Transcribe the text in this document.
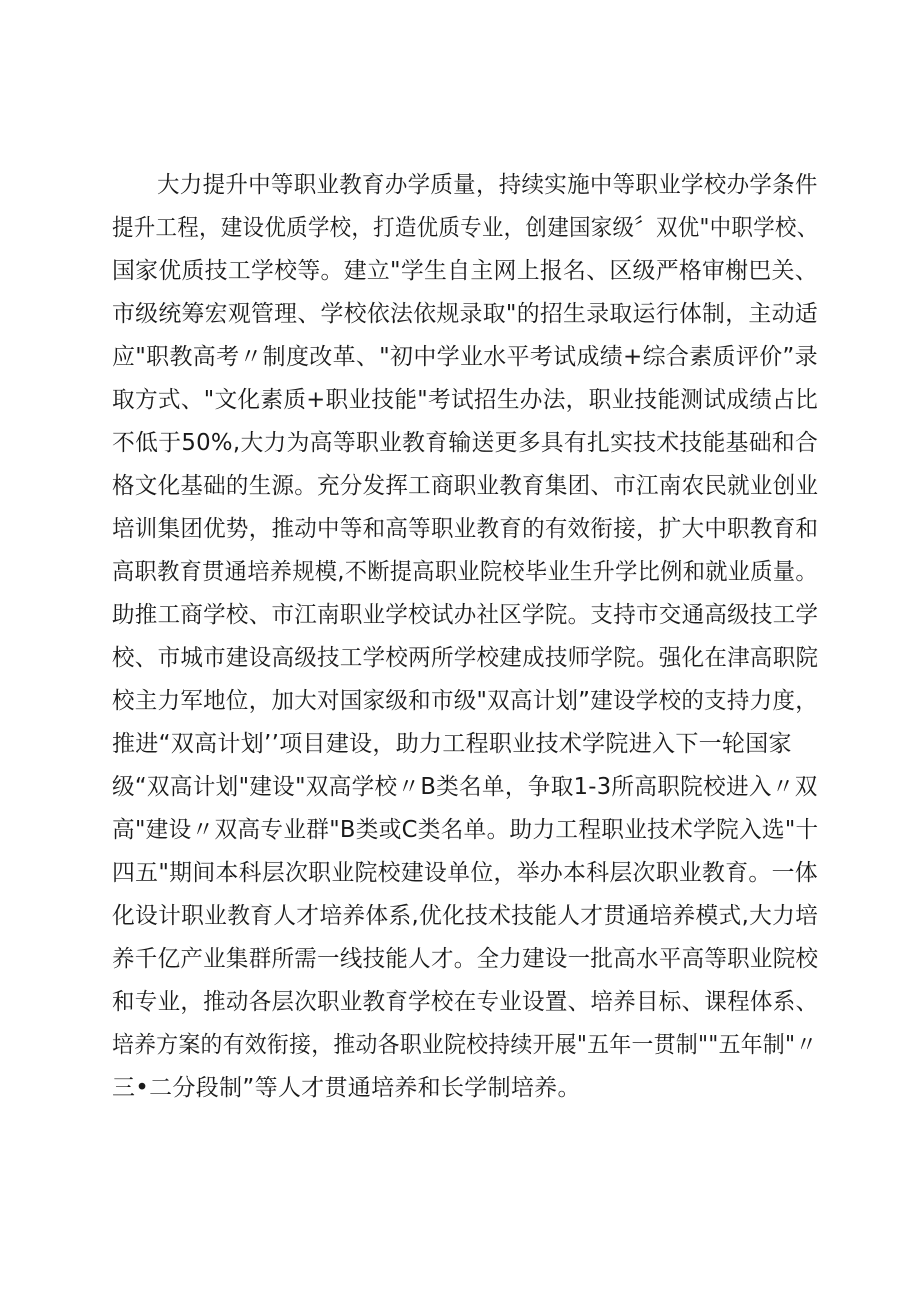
大力提升中等职业教育办学质量，持续实施中等职业学校办学条件
提升工程，建设优质学校，打造优质专业，创建国家级〞双优"中职学校、
国家优质技工学校等。建立"学生自主网上报名、区级严格审榭巴关、
市级统筹宏观管理、学校依法依规录取"的招生录取运行体制，主动适
应"职教高考〃制度改革、"初中学业水平考试成绩+综合素质评价”录
取方式、"文化素质+职业技能"考试招生办法，职业技能测试成绩占比
不低于50%,大力为高等职业教育输送更多具有扎实技术技能基础和合
格文化基础的生源。充分发挥工商职业教育集团、市江南农民就业创业
培训集团优势，推动中等和高等职业教育的有效衔接，扩大中职教育和
高职教育贯通培养规模,不断提高职业院校毕业生升学比例和就业质量。
助推工商学校、市江南职业学校试办社区学院。支持市交通高级技工学
校、市城市建设高级技工学校两所学校建成技师学院。强化在津高职院
校主力军地位，加大对国家级和市级"双高计划”建设学校的支持力度，
推进“双高计划’’项目建设，助力工程职业技术学院进入下一轮国家
级“双高计划"建设"双高学校〃B类名单，争取1-3所高职院校进入〃双
高"建设〃双高专业群"B类或C类名单。助力工程职业技术学院入选"十
四五"期间本科层次职业院校建设单位，举办本科层次职业教育。一体
化设计职业教育人才培养体系,优化技术技能人才贯通培养模式,大力培
养千亿产业集群所需一线技能人才。全力建设一批高水平高等职业院校
和专业，推动各层次职业教育学校在专业设置、培养目标、课程体系、
培养方案的有效衔接，推动各职业院校持续开展"五年一贯制""五年制"〃
三•二分段制”等人才贯通培养和长学制培养。
